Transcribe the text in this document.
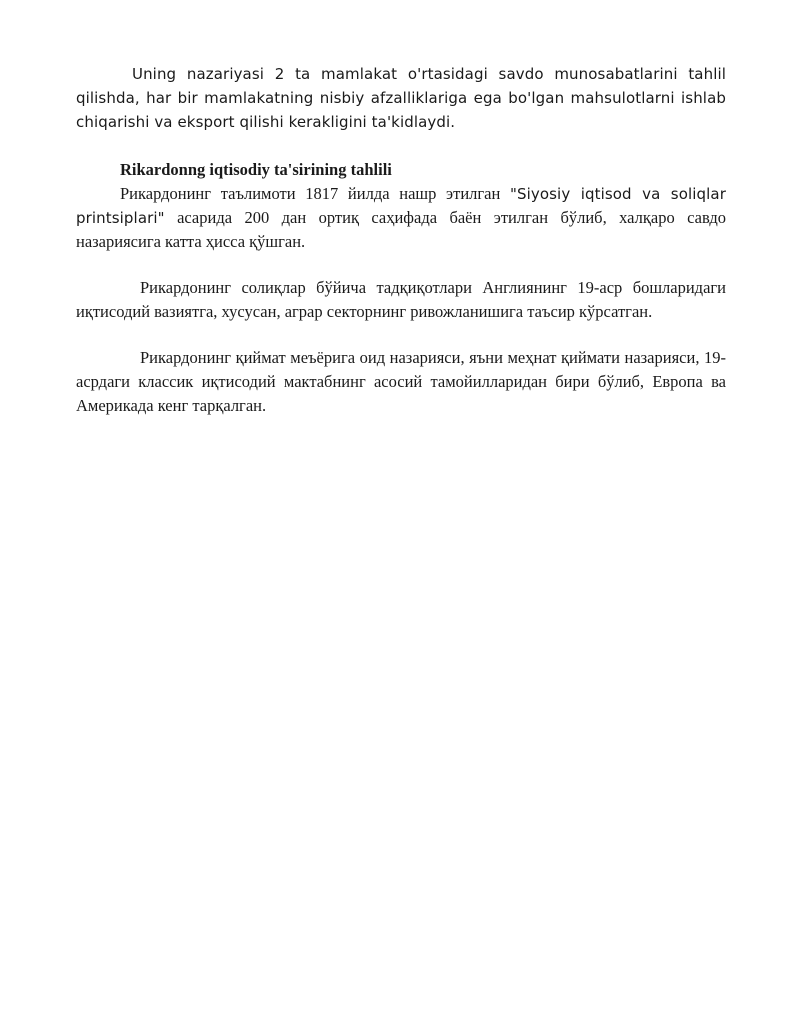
Uning nazariyasi 2 ta mamlakat o'rtasidagi savdo munosabatlarini tahlil qilishda, har bir mamlakatning nisbiy afzalliklariga ega bo'lgan mahsulotlarni ishlab chiqarishi va eksport qilishi kerakligini ta'kidlaydi.

Rikardonng iqtisodiy ta'sirining tahlili

Рикардонинг таълимоти 1817 йилда нашр этилган "Siyosiy iqtisod va soliqlar printsiplari" асарида 200 дан ортиқ саҳифада баён этилган бўлиб, халқаро савдо назариясига катта ҳисса қўшган.

Рикардонинг солиқлар бўйича тадқиқотлари Англиянинг 19-аср бошларидаги иқтисодий вазиятга, хусусан, аграр секторнинг ривожланишига таъсир кўрсатган.

Рикардонинг қиймат меъёрига оид назарияси, яъни меҳнат қиймати назарияси, 19-асрдаги классик иқтисодий мактабнинг асосий тамойилларидан бири бўлиб, Европа ва Америкада кенг тарқалган.
